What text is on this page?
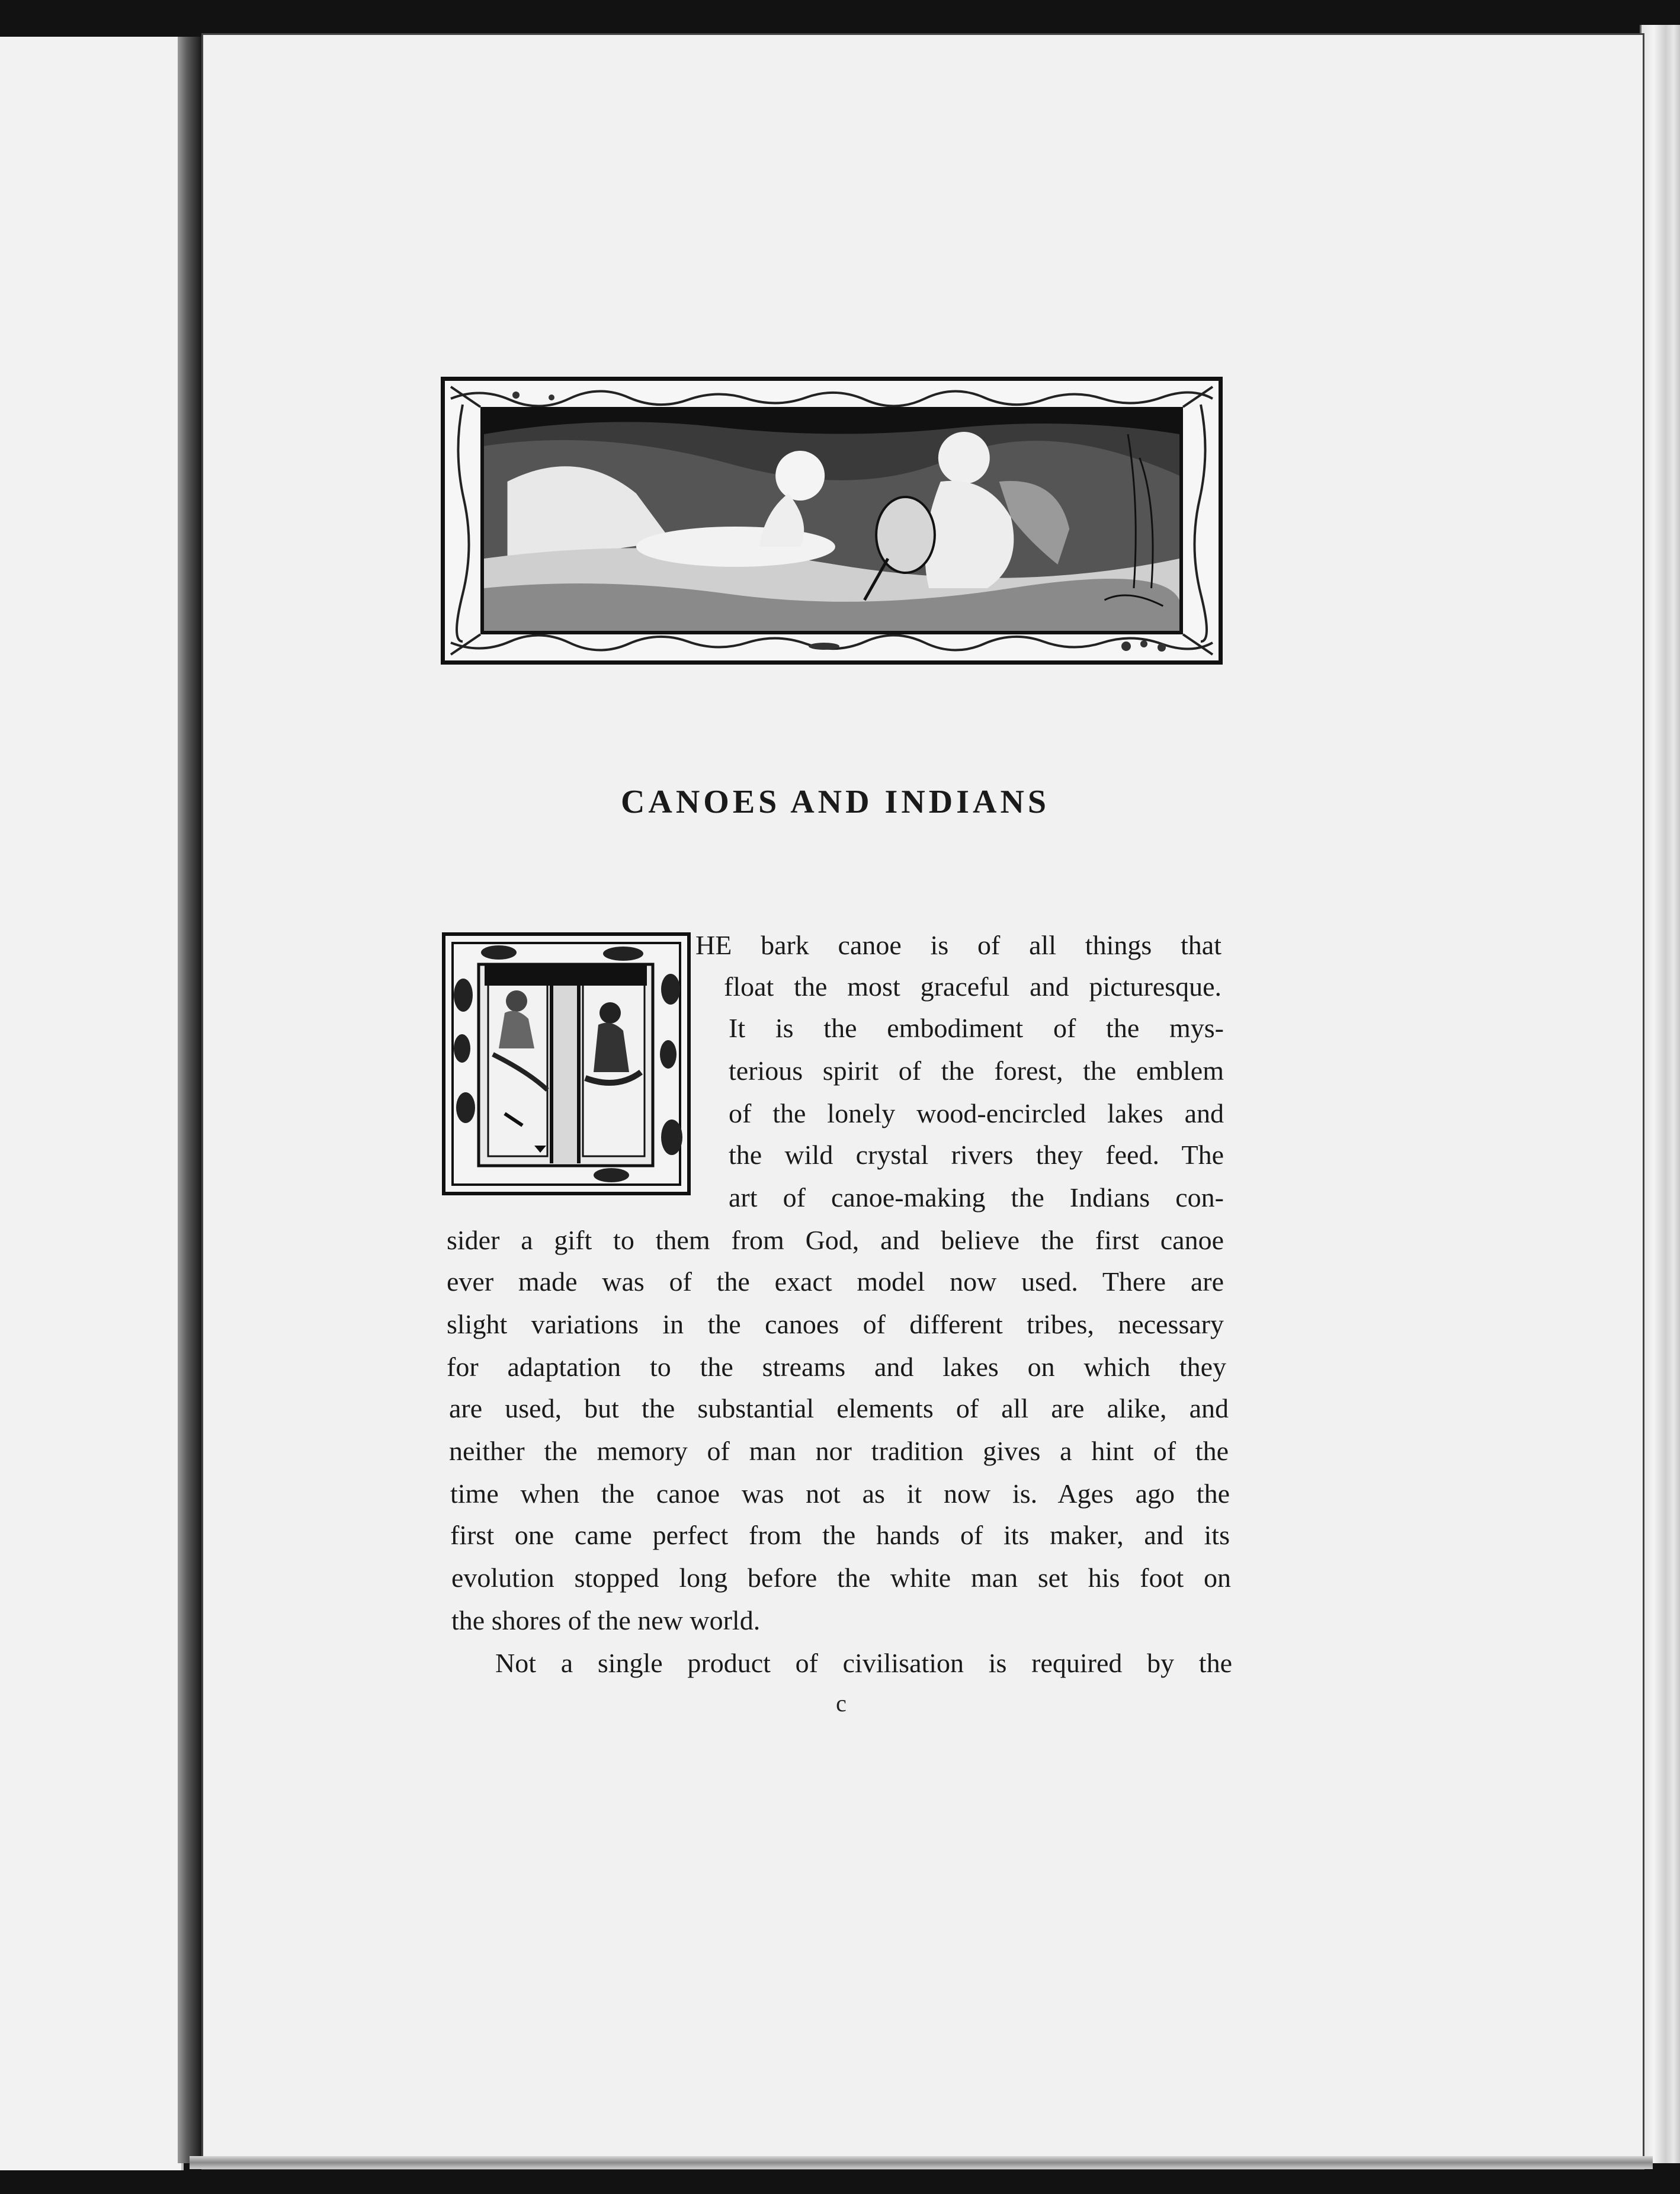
CANOES AND INDIANS
HE bark canoe is of all things that
float the most graceful and picturesque.
It is the embodiment of the mys-
terious spirit of the forest, the emblem
of the lonely wood-encircled lakes and
the wild crystal rivers they feed. The
art of canoe-making the Indians con-
sider a gift to them from God, and believe the first canoe
ever made was of the exact model now used. There are
slight variations in the canoes of different tribes, necessary
for adaptation to the streams and lakes on which they
are used, but the substantial elements of all are alike, and
neither the memory of man nor tradition gives a hint of the
time when the canoe was not as it now is. Ages ago the
first one came perfect from the hands of its maker, and its
evolution stopped long before the white man set his foot on
the shores of the new world.
Not a single product of civilisation is required by the
c
